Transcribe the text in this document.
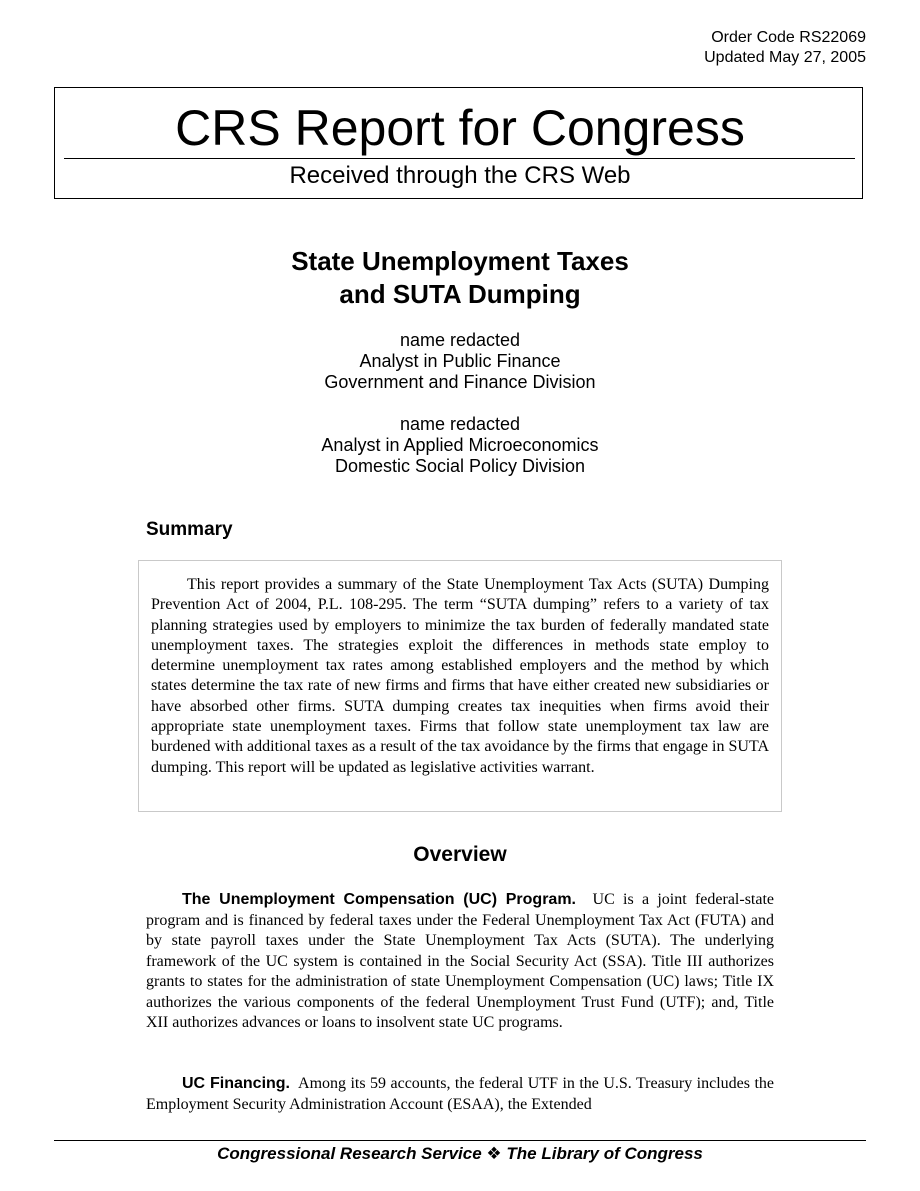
Order Code RS22069
Updated May 27, 2005
CRS Report for Congress
Received through the CRS Web
State Unemployment Taxes
and SUTA Dumping
name redacted
Analyst in Public Finance
Government and Finance Division
name redacted
Analyst in Applied Microeconomics
Domestic Social Policy Division
Summary

This report provides a summary of the State Unemployment Tax Acts (SUTA) Dumping Prevention Act of 2004, P.L. 108-295. The term “SUTA dumping” refers to a variety of tax planning strategies used by employers to minimize the tax burden of federally mandated state unemployment taxes. The strategies exploit the differences in methods state employ to determine unemployment tax rates among established employers and the method by which states determine the tax rate of new firms and firms that have either created new subsidiaries or have absorbed other firms. SUTA dumping creates tax inequities when firms avoid their appropriate state unemployment taxes. Firms that follow state unemployment tax law are burdened with additional taxes as a result of the tax avoidance by the firms that engage in SUTA dumping. This report will be updated as legislative activities warrant.

Overview

The Unemployment Compensation (UC) Program. UC is a joint federal-state program and is financed by federal taxes under the Federal Unemployment Tax Act (FUTA) and by state payroll taxes under the State Unemployment Tax Acts (SUTA). The underlying framework of the UC system is contained in the Social Security Act (SSA). Title III authorizes grants to states for the administration of state Unemployment Compensation (UC) laws; Title IX authorizes the various components of the federal Unemployment Trust Fund (UTF); and, Title XII authorizes advances or loans to insolvent state UC programs.

UC Financing. Among its 59 accounts, the federal UTF in the U.S. Treasury includes the Employment Security Administration Account (ESAA), the Extended

Congressional Research Service ❖ The Library of Congress
